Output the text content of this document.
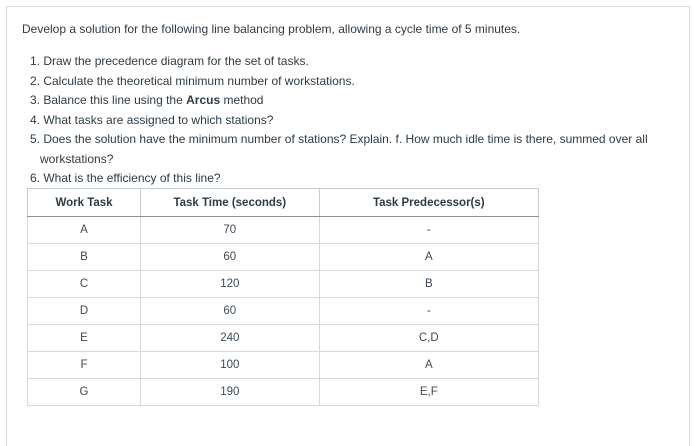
Develop a solution for the following line balancing problem, allowing a cycle time of 5 minutes.
1. Draw the precedence diagram for the set of tasks.
2. Calculate the theoretical minimum number of workstations.
3. Balance this line using the Arcus method
4. What tasks are assigned to which stations?
5. Does the solution have the minimum number of stations? Explain. f. How much idle time is there, summed over all
workstations?
6. What is the efficiency of this line?
Work Task	Task Time (seconds)	Task Predecessor(s)
A	70	-
B	60	A
C	120	B
D	60	-
E	240	C,D
F	100	A
G	190	E,F
